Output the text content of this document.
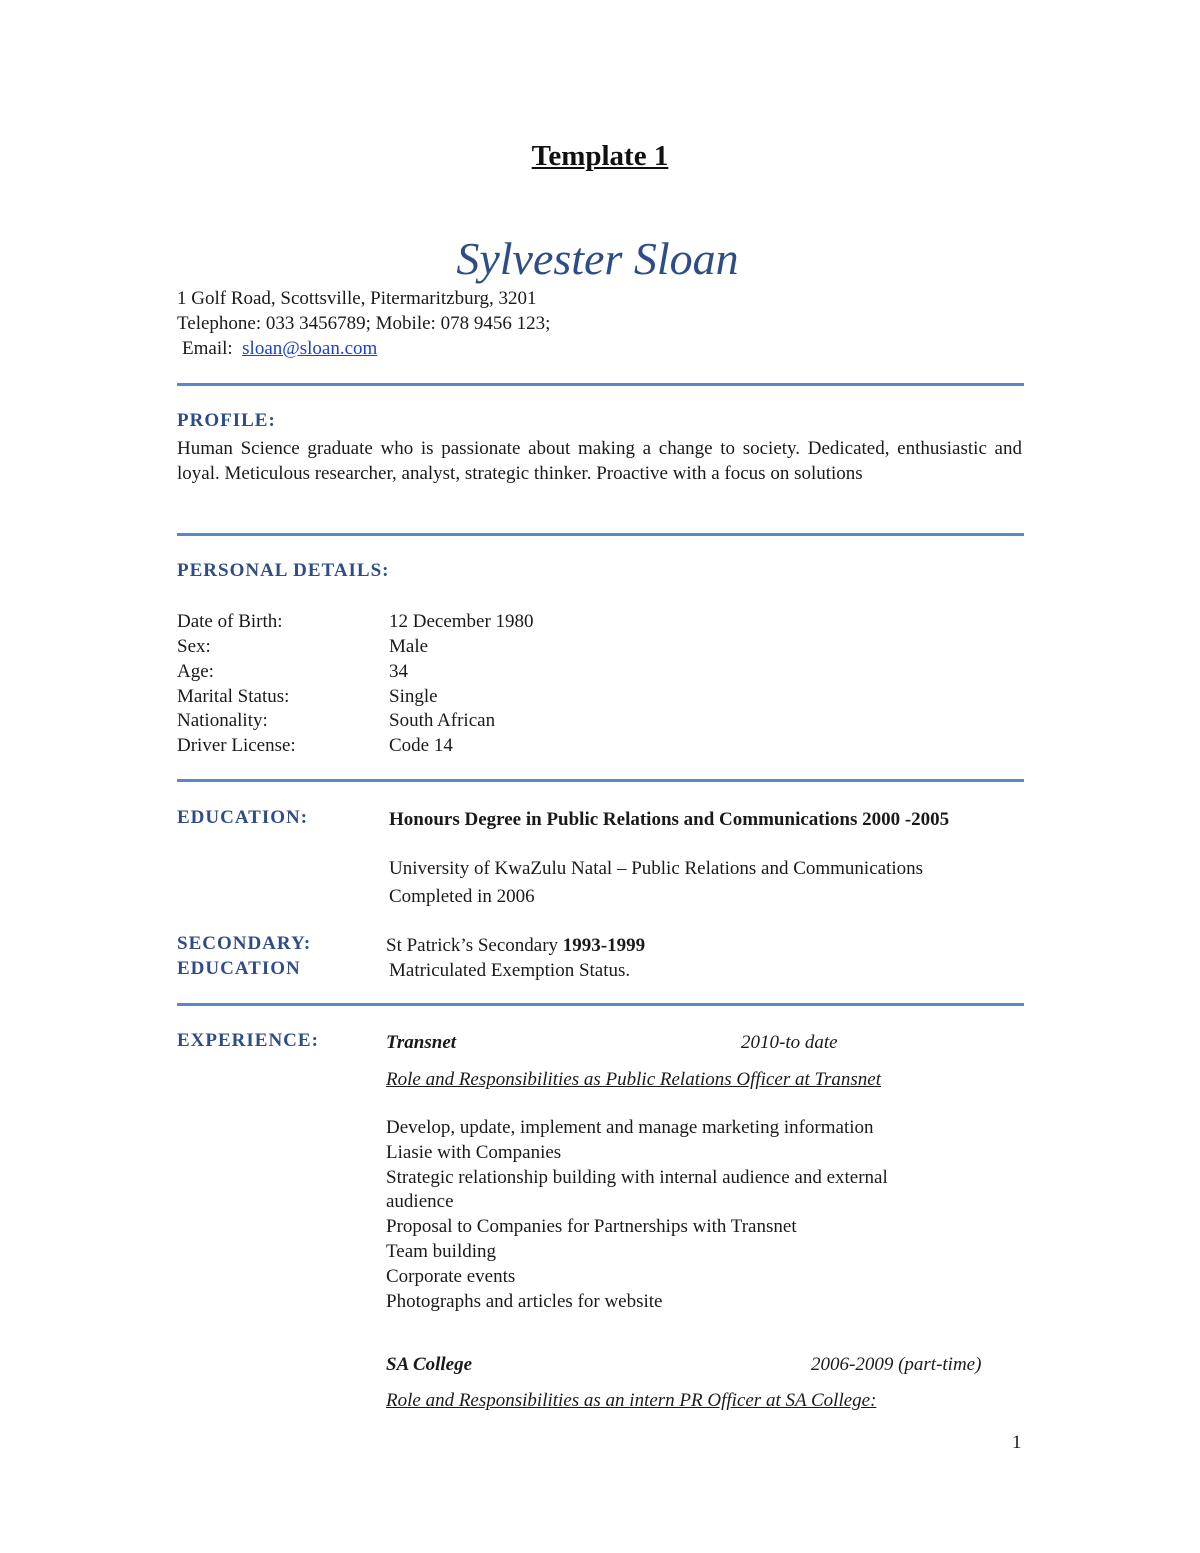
Template 1
Sylvester Sloan
1 Golf Road, Scottsville, Pitermaritzburg, 3201
Telephone: 033 3456789; Mobile: 078 9456 123;
Email: sloan@sloan.com
PROFILE:
Human Science graduate who is passionate about making a change to society. Dedicated, enthusiastic and loyal. Meticulous researcher, analyst, strategic thinker. Proactive with a focus on solutions
PERSONAL DETAILS:
Date of Birth:	12 December 1980
Sex:	Male
Age:	34
Marital Status:	Single
Nationality:	South African
Driver License:	Code 14
EDUCATION:	Honours Degree in Public Relations and Communications 2000 -2005
University of KwaZulu Natal – Public Relations and Communications
Completed in 2006
SECONDARY:
EDUCATION
St Patrick’s Secondary 1993-1999
Matriculated Exemption Status.
EXPERIENCE:	Transnet	2010-to date
Role and Responsibilities as Public Relations Officer at Transnet
Develop, update, implement and manage marketing information
Liasie with Companies
Strategic relationship building with internal audience and external
audience
Proposal to Companies for Partnerships with Transnet
Team building
Corporate events
Photographs and articles for website
SA College	2006-2009 (part-time)
Role and Responsibilities as an intern PR Officer at SA College:
1
